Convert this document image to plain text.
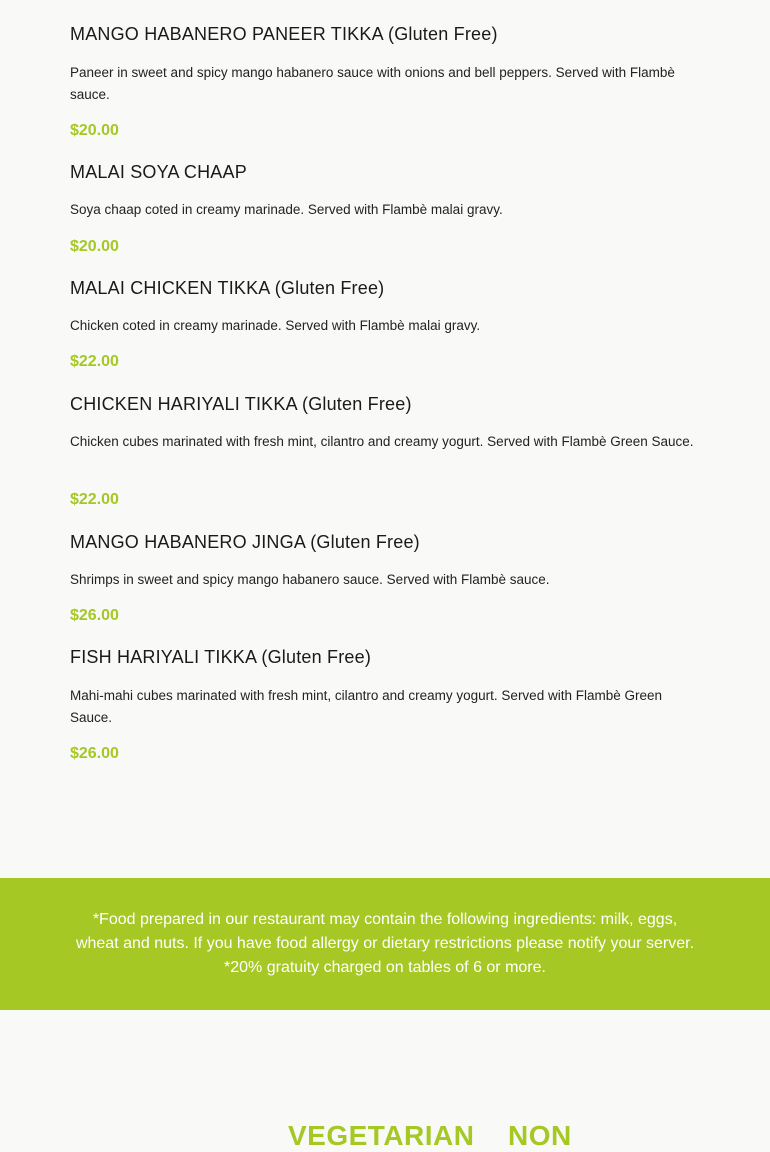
MANGO HABANERO PANEER TIKKA (Gluten Free)

Paneer in sweet and spicy mango habanero sauce with onions and bell peppers. Served with Flambè sauce.

$20.00

MALAI SOYA CHAAP

Soya chaap coted in creamy marinade. Served with Flambè malai gravy.

$20.00

MALAI CHICKEN TIKKA (Gluten Free)

Chicken coted in creamy marinade. Served with Flambè malai gravy.

$22.00

CHICKEN HARIYALI TIKKA (Gluten Free)

Chicken cubes marinated with fresh mint, cilantro and creamy yogurt. Served with Flambè Green Sauce.

$22.00

MANGO HABANERO JINGA (Gluten Free)

Shrimps in sweet and spicy mango habanero sauce. Served with Flambè sauce.

$26.00

FISH HARIYALI TIKKA (Gluten Free)

Mahi-mahi cubes marinated with fresh mint, cilantro and creamy yogurt. Served with Flambè Green Sauce.

$26.00

*Food prepared in our restaurant may contain the following ingredients: milk, eggs, wheat and nuts. If you have food allergy or dietary restrictions please notify your server. *20% gratuity charged on tables of 6 or more.

VEGETARIAN NON
